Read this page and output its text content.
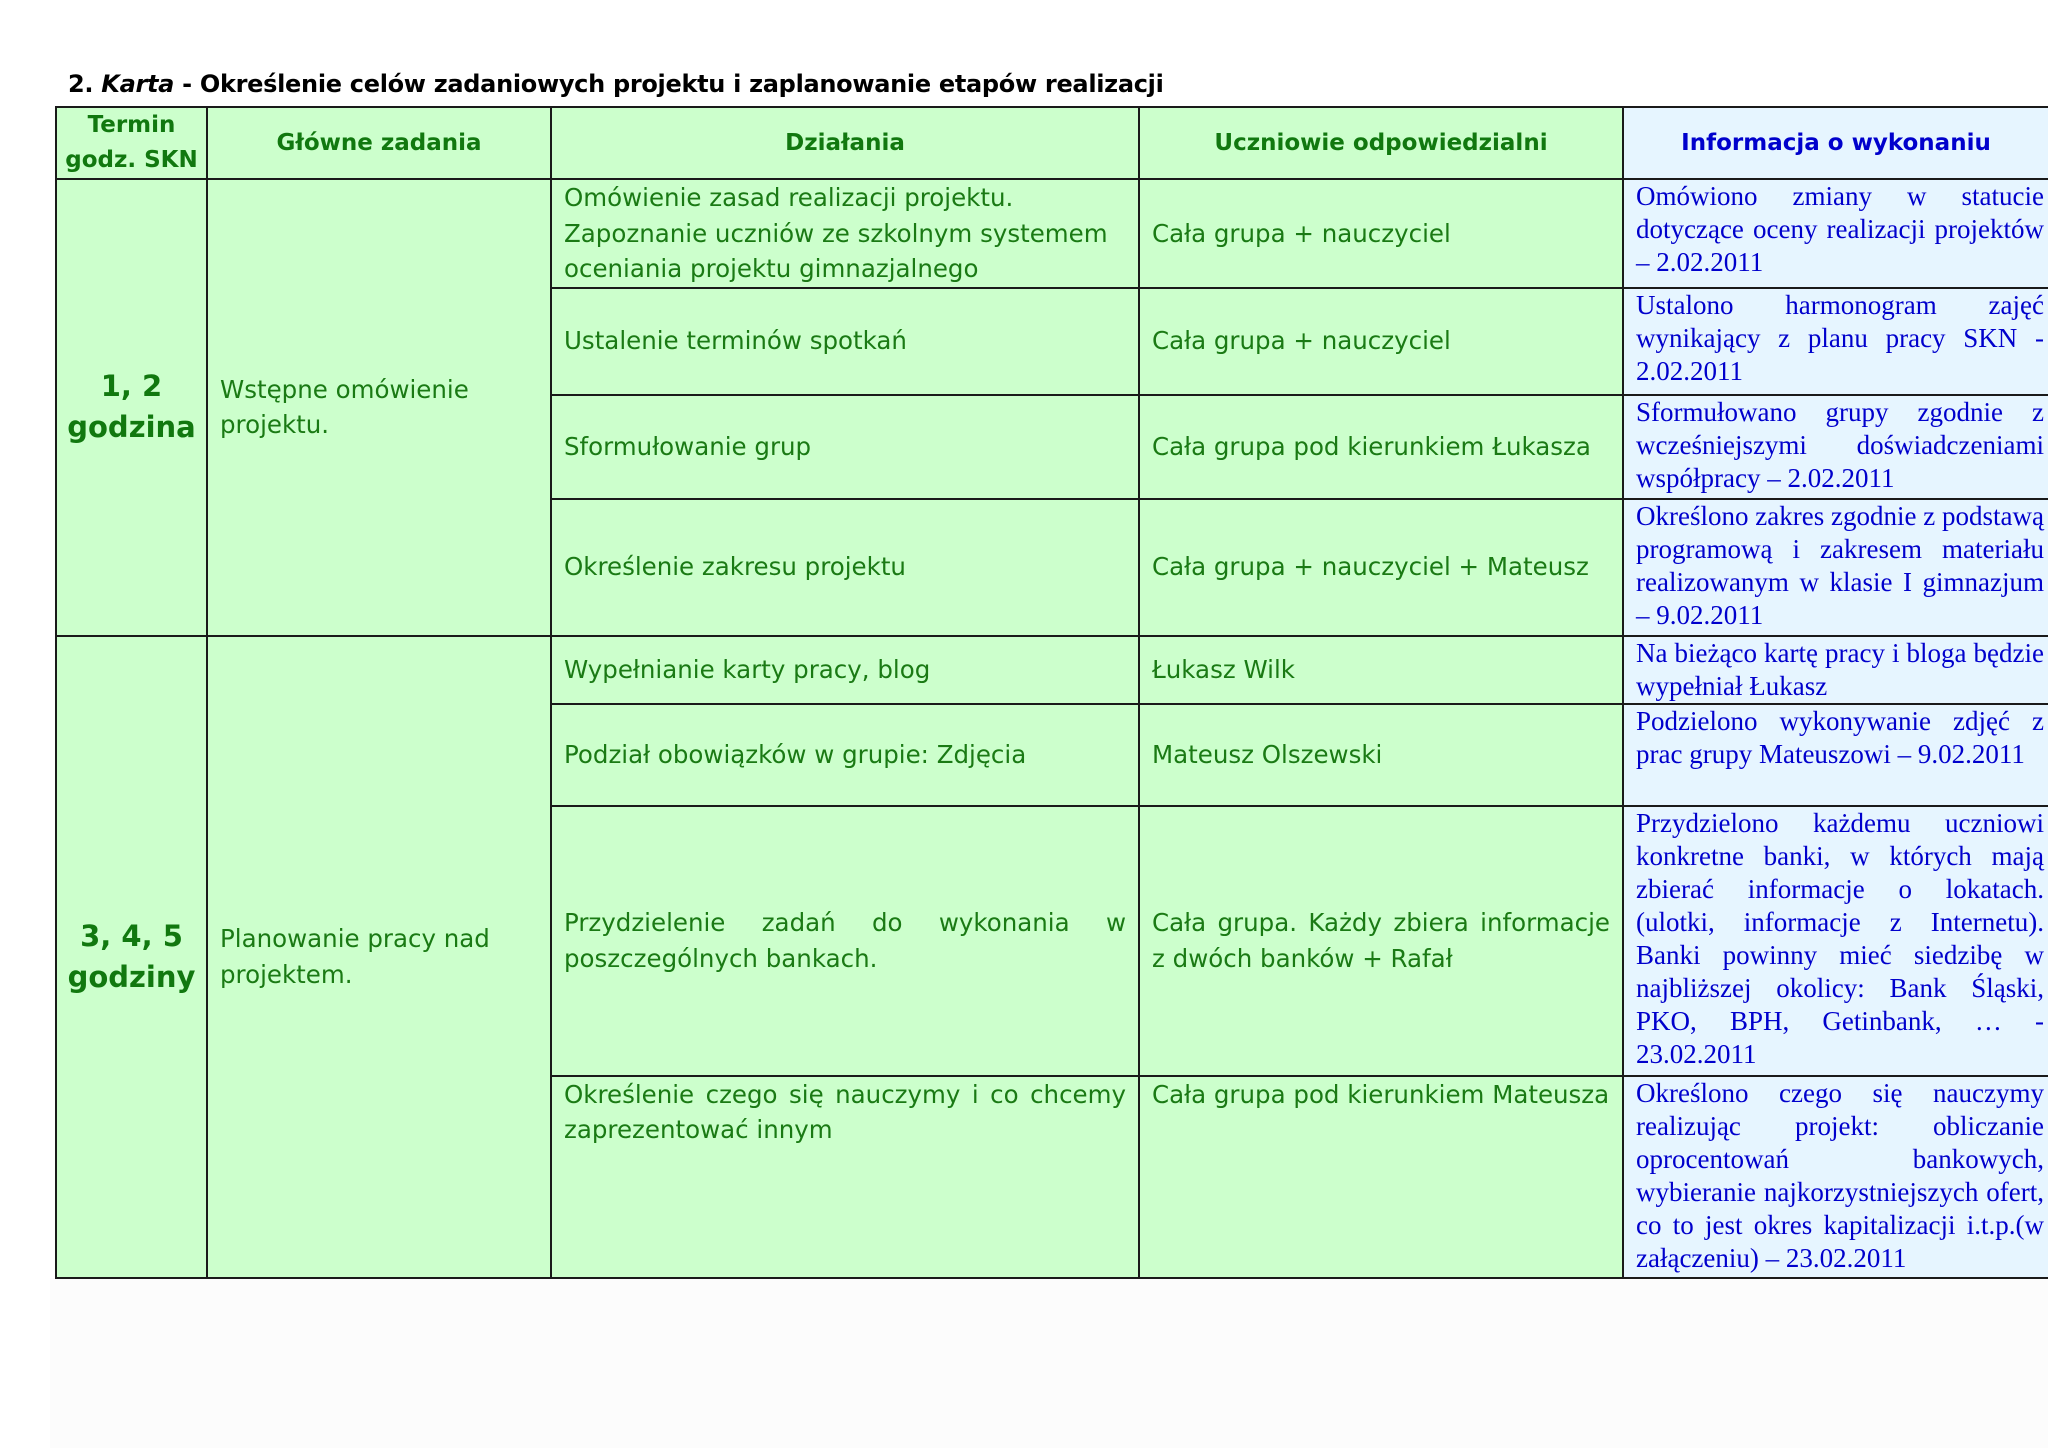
2. Karta - Określenie celów zadaniowych projektu i zaplanowanie etapów realizacji
Termin
godz. SKN	Główne zadania	Działania	Uczniowie odpowiedzialni	Informacja o wykonaniu
1, 2
godzina	Wstępne omówienie projektu.	Omówienie zasad realizacji projektu. Zapoznanie uczniów ze szkolnym systemem oceniania projektu gimnazjalnego	Cała grupa + nauczyciel	Omówiono zmiany w statucie dotyczące oceny realizacji projektów – 2.02.2011

		Ustalenie terminów spotkań	Cała grupa + nauczyciel	Ustalono harmonogram zajęć wynikający z planu pracy SKN - 2.02.2011

		Sformułowanie grup	Cała grupa pod kierunkiem Łukasza	Sformułowano grupy zgodnie z wcześniejszymi doświadczeniami współpracy – 2.02.2011

		Określenie zakresu projektu	Cała grupa + nauczyciel + Mateusz	Określono zakres zgodnie z podstawą programową i zakresem materiału realizowanym w klasie I gimnazjum – 9.02.2011

3, 4, 5
godziny	Planowanie pracy nad projektem.	Wypełnianie karty pracy, blog	Łukasz Wilk	Na bieżąco kartę pracy i bloga będzie wypełniał Łukasz

		Podział obowiązków w grupie: Zdjęcia	Mateusz Olszewski	Podzielono wykonywanie zdjęć z prac grupy Mateuszowi – 9.02.2011

		Przydzielenie zadań do wykonania w poszczególnych bankach.	Cała grupa. Każdy zbiera informacje z dwóch banków + Rafał	Przydzielono każdemu uczniowi konkretne banki, w których mają zbierać informacje o lokatach. (ulotki, informacje z Internetu). Banki powinny mieć siedzibę w najbliższej okolicy: Bank Śląski, PKO, BPH, Getinbank, … - 23.02.2011

		Określenie czego się nauczymy i co chcemy zaprezentować innym	Cała grupa pod kierunkiem Mateusza	Określono czego się nauczymy realizując projekt: obliczanie oprocentowań bankowych, wybieranie najkorzystniejszych ofert, co to jest okres kapitalizacji i.t.p.(w załączeniu) – 23.02.2011
